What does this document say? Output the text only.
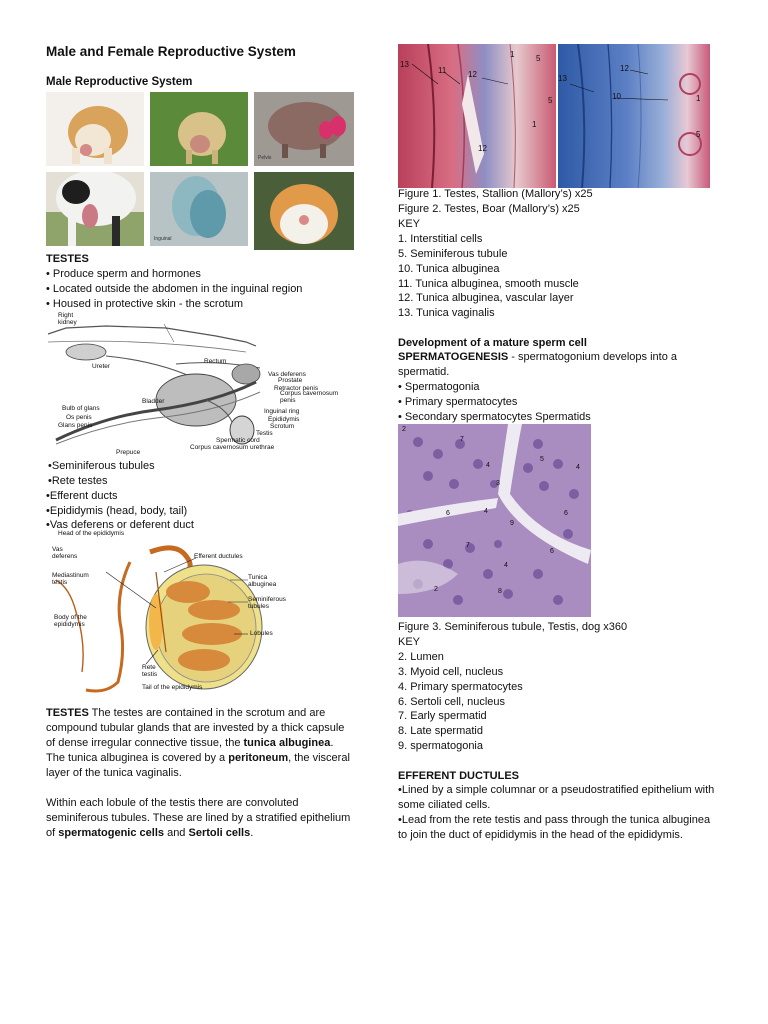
Male and Female Reproductive System
Male Reproductive System
Pelvis
Inguinal
TESTES
• Produce sperm and hormones
• Located outside the abdomen in the inguinal region
• Housed in protective skin - the scrotum
Right kidney
Rectum
Ureter
Vas deferens
Prostate
Retractor penis
Corpus cavernosum penis
Bladder
Bulb of glans
Os penis
Glans penis
Inguinal ring
Epididymis
Scrotum
Testis
Spermatic cord
Corpus cavernosum urethrae
Prepuce
•Seminiferous tubules
•Rete testes
•Efferent ducts
•Epididymis (head, body, tail)
•Vas deferens or deferent duct
Head of the epididymis
Vas deferens	Efferent ductules
Mediastinum testis
Tunica albuginea
Seminiferous tubules
Body of the epididymis
Lobules
Rete testis
Tail of the epididymis
TESTES The testes are contained in the scrotum and are compound tubular glands that are invested by a thick capsule of dense irregular connective tissue, the tunica albuginea. The tunica albuginea is covered by a peritoneum, the visceral layer of the tunica vaginalis.
Within each lobule of the testis there are convoluted seminiferous tubules. These are lined by a stratified epithelium of spermatogenic cells and Sertoli cells.
13
11	12
1	5
5
1
12
13
12
10	1
5
Figure 1. Testes, Stallion (Mallory’s) x25
Figure 2. Testes, Boar (Mallory’s) x25
KEY
1. Interstitial cells
5. Seminiferous tubule
10. Tunica albuginea
11. Tunica albuginea, smooth muscle
12. Tunica albuginea, vascular layer
13. Tunica vaginalis
Development of a mature sperm cell
SPERMATOGENESIS - spermatogonium develops into a spermatid.
• Spermatogonia
• Primary spermatocytes
• Secondary spermatocytes Spermatids
2
7
5
4
3
4
9
6	4	6
7
6
4
2	8
Figure 3. Seminiferous tubule, Testis, dog x360
KEY
2. Lumen
3. Myoid cell, nucleus
4. Primary spermatocytes
6. Sertoli cell, nucleus
7. Early spermatid
8. Late spermatid
9. spermatogonia
EFFERENT DUCTULES
•Lined by a simple columnar or a pseudostratified epithelium with some ciliated cells.
•Lead from the rete testis and pass through the tunica albuginea to join the duct of epididymis in the head of the epididymis.
